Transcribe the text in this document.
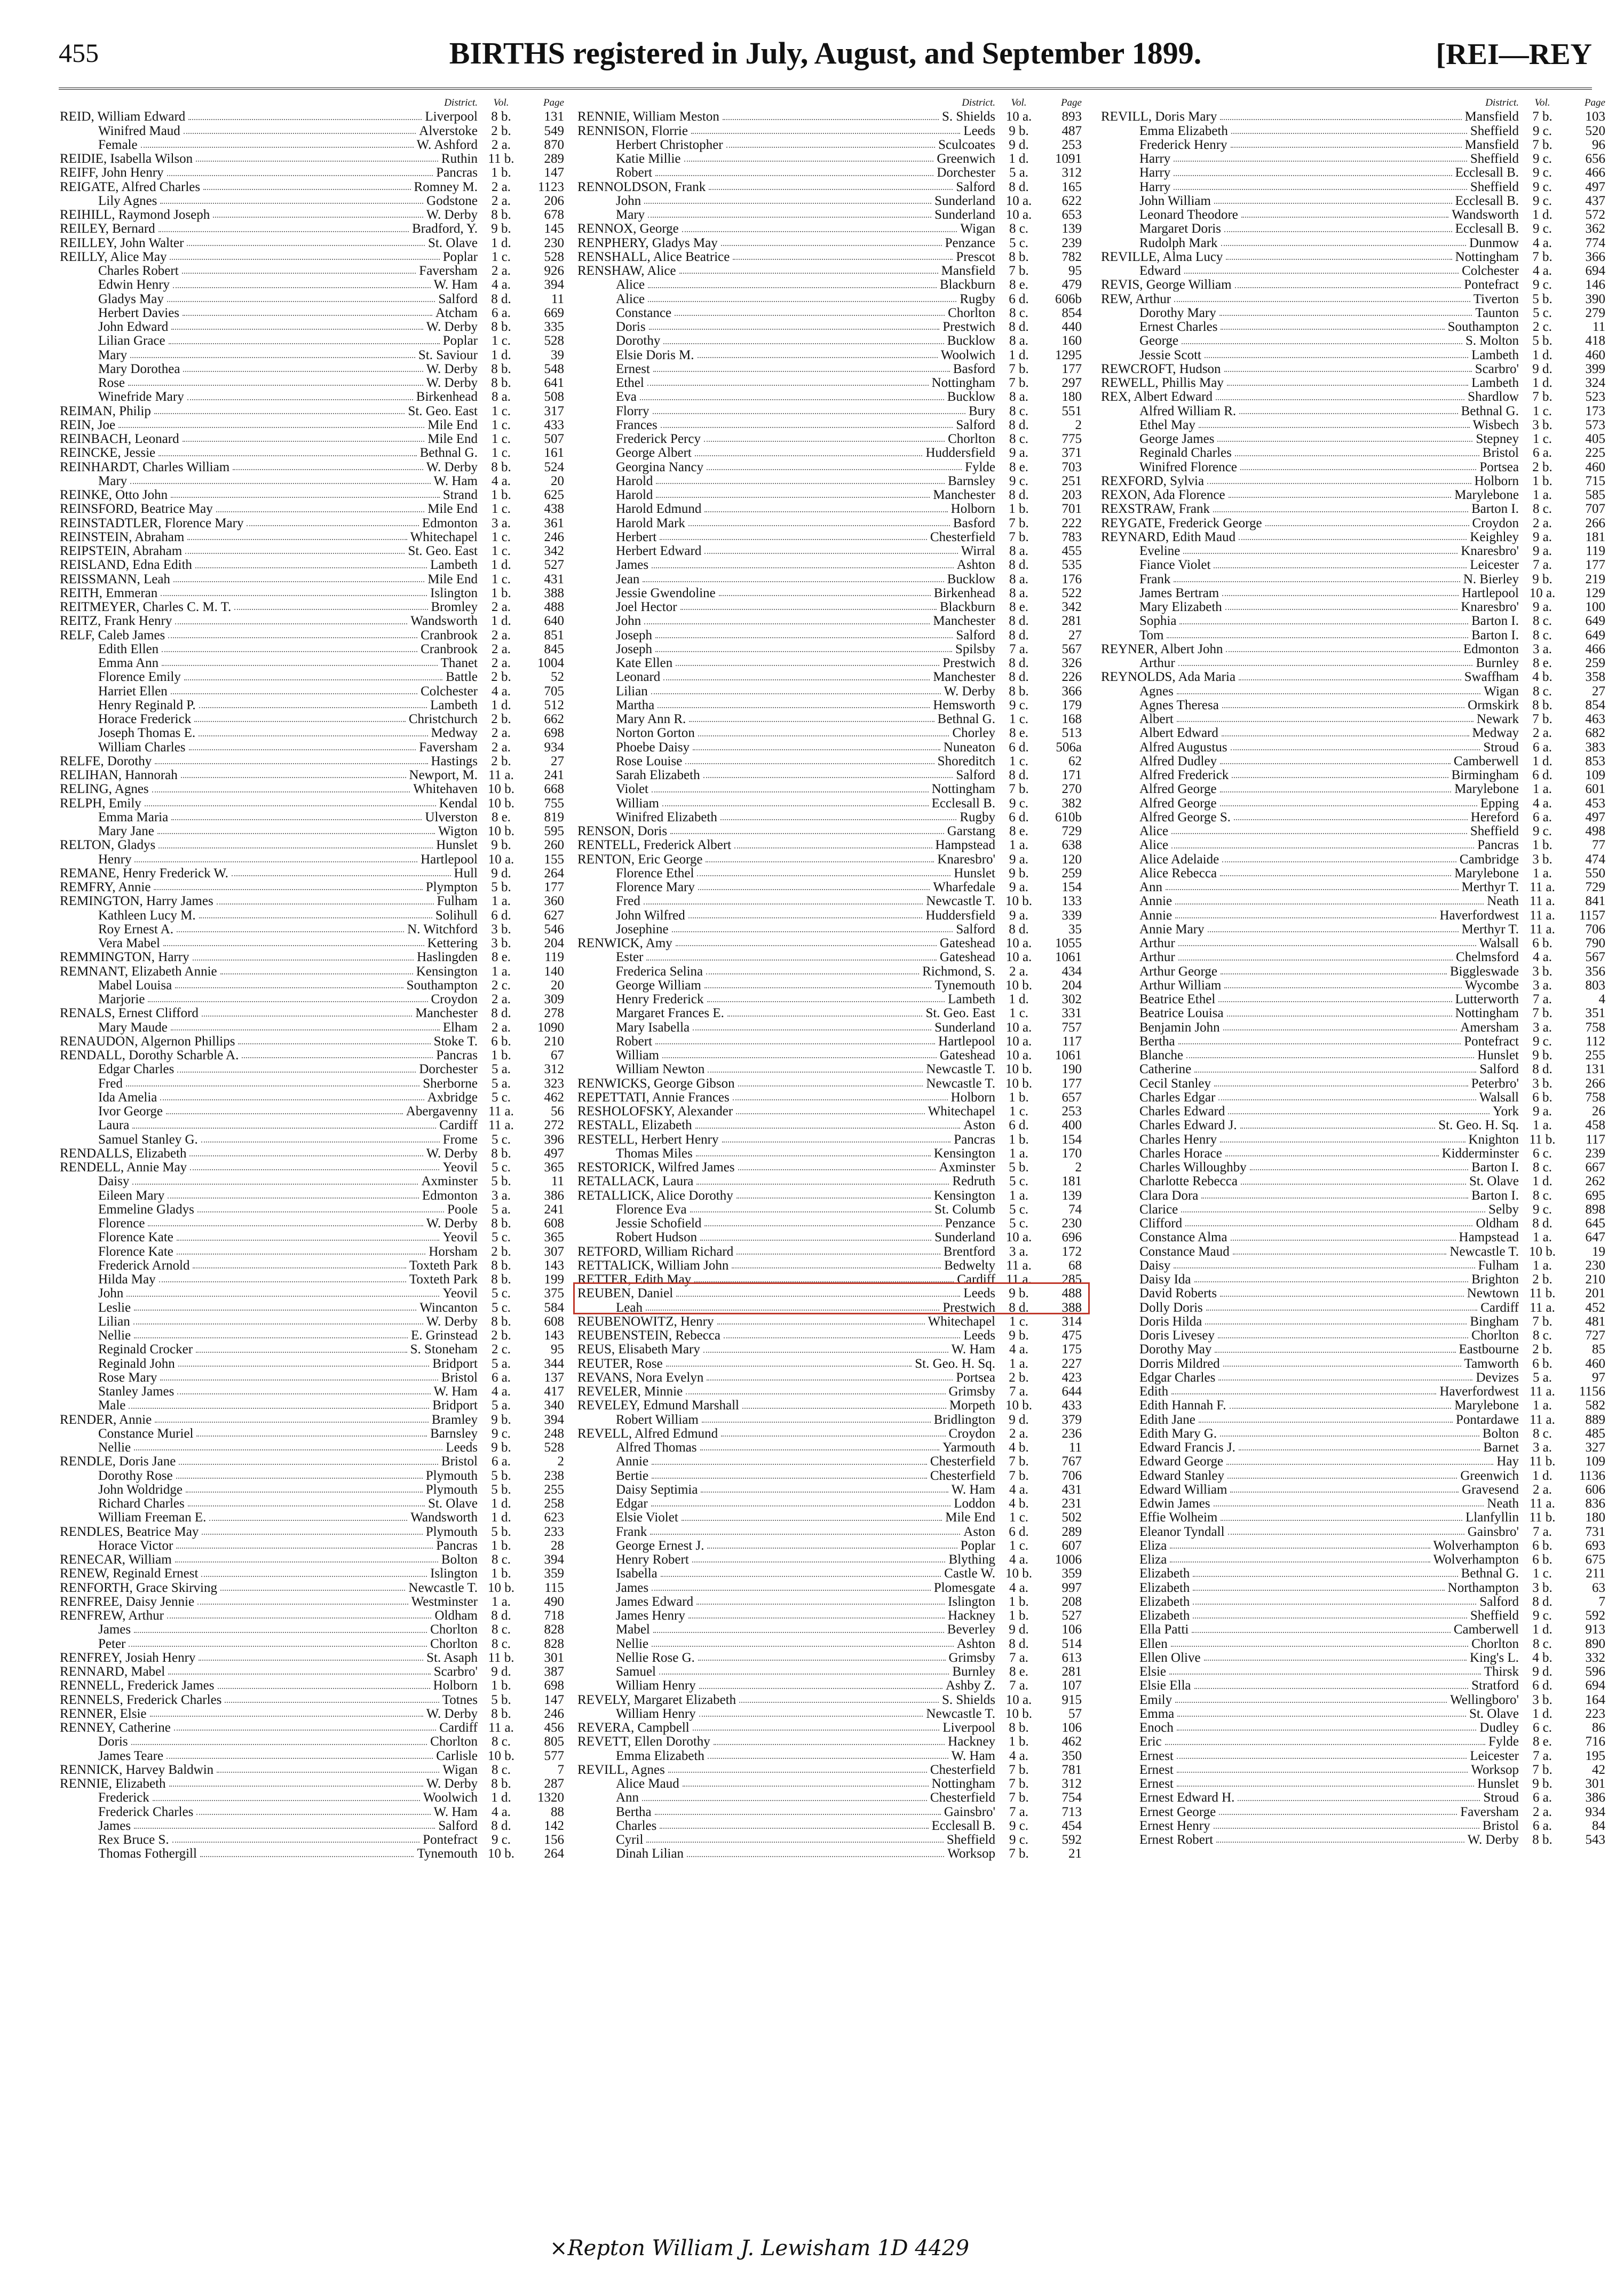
455	BIRTHS registered in July, August, and September 1899.	[REI—REY
District.	Vol.	Page
REID, William Edward	Liverpool	8 b.	131
Winifred Maud	Alverstoke	2 b.	549
Female	W. Ashford	2 a.	870
REIDIE, Isabella Wilson	Ruthin 11 b.	289
REIFF, John Henry	Pancras	1 b.	147
REIGATE, Alfred Charles	Romney M.	2 a.	1123
Lily Agnes	Godstone	2 a.	206
REIHILL, Raymond Joseph	W. Derby	8 b.	678
REILEY, Bernard	Bradford, Y.	9 b.	145
REILLEY, John Walter	St. Olave	1 d.	230
REILLY, Alice May	Poplar	1 c.	528
Charles Robert	Faversham	2 a.	926
Edwin Henry	W. Ham	4 a.	394
Gladys May	Salford	8 d.	11
Herbert Davies	Atcham	6 a.	669
John Edward	W. Derby	8 b.	335
Lilian Grace	Poplar	1 c.	528
Mary	St. Saviour	1 d.	39
Mary Dorothea	W. Derby	8 b.	548
Rose	W. Derby	8 b.	641
Winefride Mary	Birkenhead	8 a.	508
REIMAN, Philip	St. Geo. East	1 c.	317
REIN, Joe	Mile End	1 c.	433
REINBACH, Leonard	Mile End	1 c.	507
REINCKE, Jessie	Bethnal G.	1 c.	161
REINHARDT, Charles William	W. Derby	8 b.	524
Mary	W. Ham	4 a.	20
REINKE, Otto John	Strand	1 b.	625
REINSFORD, Beatrice May	Mile End	1 c.	438
REINSTADTLER, Florence Mary	Edmonton	3 a.	361
REINSTEIN, Abraham	Whitechapel	1 c.	246
REIPSTEIN, Abraham	St. Geo. East	1 c.	342
REISLAND, Edna Edith	Lambeth	1 d.	527
REISSMANN, Leah	Mile End	1 c.	431
REITH, Emmeran	Islington	1 b.	388
REITMEYER, Charles C. M. T.	Bromley	2 a.	488
REITZ, Frank Henry	Wandsworth	1 d.	640
RELF, Caleb James	Cranbrook	2 a.	851
Edith Ellen	Cranbrook	2 a.	845
Emma Ann	Thanet	2 a.	1004
Florence Emily	Battle	2 b.	52
Harriet Ellen	Colchester	4 a.	705
Henry Reginald P.	Lambeth	1 d.	512
Horace Frederick	Christchurch	2 b.	662
Joseph Thomas E.	Medway	2 a.	698
William Charles	Faversham	2 a.	934
RELFE, Dorothy	Hastings	2 b.	27
RELIHAN, Hannorah	Newport, M. 11 a.	241
RELING, Agnes	Whitehaven 10 b.	668
RELPH, Emily	Kendal 10 b.	755
Emma Maria	Ulverston	8 e.	819
Mary Jane	Wigton 10 b.	595
RELTON, Gladys	Hunslet	9 b.	260
Henry	Hartlepool 10 a.	155
REMANE, Henry Frederick W.	Hull	9 d.	264
REMFRY, Annie	Plympton	5 b.	177
REMINGTON, Harry James	Fulham	1 a.	360
Kathleen Lucy M.	Solihull	6 d.	627
Roy Ernest A.	N. Witchford	3 b.	546
Vera Mabel	Kettering	3 b.	204
REMMINGTON, Harry	Haslingden	8 e.	119
REMNANT, Elizabeth Annie	Kensington	1 a.	140
Mabel Louisa	Southampton	2 c.	20
Marjorie	Croydon	2 a.	309
RENALS, Ernest Clifford	Manchester	8 d.	278
Mary Maude	Elham	2 a.	1090
RENAUDON, Algernon Phillips	Stoke T.	6 b.	210
RENDALL, Dorothy Scharble A.	Pancras	1 b.	67
Edgar Charles	Dorchester	5 a.	312
Fred	Sherborne	5 a.	323
Ida Amelia	Axbridge	5 c.	462
Ivor George	Abergavenny 11 a.	56
Laura	Cardiff 11 a.	272
Samuel Stanley G.	Frome	5 c.	396
RENDALLS, Elizabeth	W. Derby	8 b.	497
RENDELL, Annie May	Yeovil	5 c.	365
Daisy	Axminster	5 b.	11
Eileen Mary	Edmonton	3 a.	386
Emmeline Gladys	Poole	5 a.	241
Florence	W. Derby	8 b.	608
Florence Kate	Yeovil	5 c.	365
Florence Kate	Horsham	2 b.	307
Frederick Arnold	Toxteth Park	8 b.	143
Hilda May	Toxteth Park	8 b.	199
John	Yeovil	5 c.	375
Leslie	Wincanton	5 c.	584
Lilian	W. Derby	8 b.	608
Nellie	E. Grinstead	2 b.	143
Reginald Crocker	S. Stoneham	2 c.	95
Reginald John	Bridport	5 a.	344
Rose Mary	Bristol	6 a.	137
Stanley James	W. Ham	4 a.	417
Male	Bridport	5 a.	340
RENDER, Annie	Bramley	9 b.	394
Constance Muriel	Barnsley	9 c.	248
Nellie	Leeds	9 b.	528
RENDLE, Doris Jane	Bristol	6 a.	2
Dorothy Rose	Plymouth	5 b.	238
John Woldridge	Plymouth	5 b.	255
Richard Charles	St. Olave	1 d.	258
William Freeman E.	Wandsworth	1 d.	623
RENDLES, Beatrice May	Plymouth	5 b.	233
Horace Victor	Pancras	1 b.	28
RENECAR, William	Bolton	8 c.	394
RENEW, Reginald Ernest	Islington	1 b.	359
RENFORTH, Grace Skirving	Newcastle T. 10 b.	115
RENFREE, Daisy Jennie	Westminster	1 a.	490
RENFREW, Arthur	Oldham	8 d.	718
James	Chorlton	8 c.	828
Peter	Chorlton	8 c.	828
RENFREY, Josiah Henry	St. Asaph 11 b.	301
RENNARD, Mabel	Scarbro'	9 d.	387
RENNELL, Frederick James	Holborn	1 b.	698
RENNELS, Frederick Charles	Totnes	5 b.	147
RENNER, Elsie	W. Derby	8 b.	246
RENNEY, Catherine	Cardiff 11 a.	456
Doris	Chorlton	8 c.	805
James Teare	Carlisle 10 b.	577
RENNICK, Harvey Baldwin	Wigan	8 c.	7
RENNIE, Elizabeth	W. Derby	8 b.	287
Frederick	Woolwich	1 d.	1320
Frederick Charles	W. Ham	4 a.	88
James	Salford	8 d.	142
Rex Bruce S.	Pontefract	9 c.	156
Thomas Fothergill	Tynemouth 10 b.	264
District.	Vol.	Page
RENNIE, William Meston	S. Shields 10 a.	893
RENNISON, Florrie	Leeds	9 b.	487
Herbert Christopher	Sculcoates	9 d.	253
Katie Millie	Greenwich	1 d.	1091
Robert	Dorchester	5 a.	312
RENNOLDSON, Frank	Salford	8 d.	165
John	Sunderland 10 a.	622
Mary	Sunderland 10 a.	653
RENNOX, George	Wigan	8 c.	139
RENPHERY, Gladys May	Penzance	5 c.	239
RENSHALL, Alice Beatrice	Prescot	8 b.	782
RENSHAW, Alice	Mansfield	7 b.	95
Alice	Blackburn	8 e.	479
Alice	Rugby	6 d.	606b
Constance	Chorlton	8 c.	854
Doris	Prestwich	8 d.	440
Dorothy	Bucklow	8 a.	160
Elsie Doris M.	Woolwich	1 d.	1295
Ernest	Basford	7 b.	177
Ethel	Nottingham	7 b.	297
Eva	Bucklow	8 a.	180
Florry	Bury	8 c.	551
Frances	Salford	8 d.	2
Frederick Percy	Chorlton	8 c.	775
George Albert	Huddersfield	9 a.	371
Georgina Nancy	Fylde	8 e.	703
Harold	Barnsley	9 c.	251
Harold	Manchester	8 d.	203
Harold Edmund	Holborn	1 b.	701
Harold Mark	Basford	7 b.	222
Herbert	Chesterfield	7 b.	783
Herbert Edward	Wirral	8 a.	455
James	Ashton	8 d.	535
Jean	Bucklow	8 a.	176
Jessie Gwendoline	Birkenhead	8 a.	522
Joel Hector	Blackburn	8 e.	342
John	Manchester	8 d.	281
Joseph	Salford	8 d.	27
Joseph	Spilsby	7 a.	567
Kate Ellen	Prestwich	8 d.	326
Leonard	Manchester	8 d.	226
Lilian	W. Derby	8 b.	366
Martha	Hemsworth	9 c.	179
Mary Ann R.	Bethnal G.	1 c.	168
Norton Gorton	Chorley	8 e.	513
Phoebe Daisy	Nuneaton	6 d.	506a
Rose Louise	Shoreditch	1 c.	62
Sarah Elizabeth	Salford	8 d.	171
Violet	Nottingham	7 b.	270
William	Ecclesall B.	9 c.	382
Winifred Elizabeth	Rugby	6 d.	610b
RENSON, Doris	Garstang	8 e.	729
RENTELL, Frederick Albert	Hampstead	1 a.	638
RENTON, Eric George	Knaresbro'	9 a.	120
Florence Ethel	Hunslet	9 b.	259
Florence Mary	Wharfedale	9 a.	154
Fred	Newcastle T. 10 b.	133
John Wilfred	Huddersfield	9 a.	339
Josephine	Salford	8 d.	35
RENWICK, Amy	Gateshead 10 a.	1055
Ester	Gateshead 10 a.	1061
Frederica Selina	Richmond, S.	2 a.	434
George William	Tynemouth 10 b.	204
Henry Frederick	Lambeth	1 d.	302
Margaret Frances E.	St. Geo. East	1 c.	331
Mary Isabella	Sunderland 10 a.	757
Robert	Hartlepool 10 a.	117
William	Gateshead 10 a.	1061
William Newton	Newcastle T. 10 b.	190
RENWICKS, George Gibson	Newcastle T. 10 b.	177
REPETTATI, Annie Frances	Holborn	1 b.	657
RESHOLOFSKY, Alexander	Whitechapel	1 c.	253
RESTALL, Elizabeth	Aston	6 d.	400
RESTELL, Herbert Henry	Pancras	1 b.	154
Thomas Miles	Kensington	1 a.	170
RESTORICK, Wilfred James	Axminster	5 b.	2
RETALLACK, Laura	Redruth	5 c.	181
RETALLICK, Alice Dorothy	Kensington	1 a.	139
Florence Eva	St. Columb	5 c.	74
Jessie Schofield	Penzance	5 c.	230
Robert Hudson	Sunderland 10 a.	696
RETFORD, William Richard	Brentford	3 a.	172
RETTALICK, William John	Bedwelty 11 a.	68
RETTER, Edith May	Cardiff 11 a.	285
REUBEN, Daniel	Leeds	9 b.	488
Leah	Prestwich	8 d.	388
REUBENOWITZ, Henry	Whitechapel	1 c.	314
REUBENSTEIN, Rebecca	Leeds	9 b.	475
REUS, Elisabeth Mary	W. Ham	4 a.	175
REUTER, Rose	St. Geo. H. Sq.	1 a.	227
REVANS, Nora Evelyn	Portsea	2 b.	423
REVELER, Minnie	Grimsby	7 a.	644
REVELEY, Edmund Marshall	Morpeth 10 b.	433
Robert William	Bridlington	9 d.	379
REVELL, Alfred Edmund	Croydon	2 a.	236
Alfred Thomas	Yarmouth	4 b.	11
Annie	Chesterfield	7 b.	767
Bertie	Chesterfield	7 b.	706
Daisy Septimia	W. Ham	4 a.	431
Edgar	Loddon	4 b.	231
Elsie Violet	Mile End	1 c.	502
Frank	Aston	6 d.	289
George Ernest J.	Poplar	1 c.	607
Henry Robert	Blything	4 a.	1006
Isabella	Castle W. 10 b.	359
James	Plomesgate	4 a.	997
James Edward	Islington	1 b.	208
James Henry	Hackney	1 b.	527
Mabel	Beverley	9 d.	106
Nellie	Ashton	8 d.	514
Nellie Rose G.	Grimsby	7 a.	613
Samuel	Burnley	8 e.	281
William Henry	Ashby Z.	7 a.	107
REVELY, Margaret Elizabeth	S. Shields 10 a.	915
William Henry	Newcastle T. 10 b.	57
REVERA, Campbell	Liverpool	8 b.	106
REVETT, Ellen Dorothy	Hackney	1 b.	462
Emma Elizabeth	W. Ham	4 a.	350
REVILL, Agnes	Chesterfield	7 b.	781
Alice Maud	Nottingham	7 b.	312
Ann	Chesterfield	7 b.	754
Bertha	Gainsbro'	7 a.	713
Charles	Ecclesall B.	9 c.	454
Cyril	Sheffield	9 c.	592
Dinah Lilian	Worksop	7 b.	21
District.	Vol.	Page
REVILL, Doris Mary	Mansfield	7 b.	103
Emma Elizabeth	Sheffield	9 c.	520
Frederick Henry	Mansfield	7 b.	96
Harry	Sheffield	9 c.	656
Harry	Ecclesall B.	9 c.	466
Harry	Sheffield	9 c.	497
John William	Ecclesall B.	9 c.	437
Leonard Theodore	Wandsworth	1 d.	572
Margaret Doris	Ecclesall B.	9 c.	362
Rudolph Mark	Dunmow	4 a.	774
REVILLE, Alma Lucy	Nottingham	7 b.	366
Edward	Colchester	4 a.	694
REVIS, George William	Pontefract	9 c.	146
REW, Arthur	Tiverton	5 b.	390
Dorothy Mary	Taunton	5 c.	279
Ernest Charles	Southampton	2 c.	11
George	S. Molton	5 b.	418
Jessie Scott	Lambeth	1 d.	460
REWCROFT, Hudson	Scarbro'	9 d.	399
REWELL, Phillis May	Lambeth	1 d.	324
REX, Albert Edward	Shardlow	7 b.	523
Alfred William R.	Bethnal G.	1 c.	173
Ethel May	Wisbech	3 b.	573
George James	Stepney	1 c.	405
Reginald Charles	Bristol	6 a.	225
Winifred Florence	Portsea	2 b.	460
REXFORD, Sylvia	Holborn	1 b.	715
REXON, Ada Florence	Marylebone	1 a.	585
REXSTRAW, Frank	Barton I.	8 c.	707
REYGATE, Frederick George	Croydon	2 a.	266
REYNARD, Edith Maud	Keighley	9 a.	181
Eveline	Knaresbro'	9 a.	119
Fiance Violet	Leicester	7 a.	177
Frank	N. Bierley	9 b.	219
James Bertram	Hartlepool 10 a.	129
Mary Elizabeth	Knaresbro'	9 a.	100
Sophia	Barton I.	8 c.	649
Tom	Barton I.	8 c.	649
REYNER, Albert John	Edmonton	3 a.	466
Arthur	Burnley	8 e.	259
REYNOLDS, Ada Maria	Swaffham	4 b.	358
Agnes	Wigan	8 c.	27
Agnes Theresa	Ormskirk	8 b.	854
Albert	Newark	7 b.	463
Albert Edward	Medway	2 a.	682
Alfred Augustus	Stroud	6 a.	383
Alfred Dudley	Camberwell	1 d.	853
Alfred Frederick	Birmingham	6 d.	109
Alfred George	Marylebone	1 a.	601
Alfred George	Epping	4 a.	453
Alfred George S.	Hereford	6 a.	497
Alice	Sheffield	9 c.	498
Alice	Pancras	1 b.	77
Alice Adelaide	Cambridge	3 b.	474
Alice Rebecca	Marylebone	1 a.	550
Ann	Merthyr T. 11 a.	729
Annie	Neath 11 a.	841
Annie	Haverfordwest 11 a.	1157
Annie Mary	Merthyr T. 11 a.	706
Arthur	Walsall	6 b.	790
Arthur	Chelmsford	4 a.	567
Arthur George	Biggleswade	3 b.	356
Arthur William	Wycombe	3 a.	803
Beatrice Ethel	Lutterworth	7 a.	4
Beatrice Louisa	Nottingham	7 b.	351
Benjamin John	Amersham	3 a.	758
Bertha	Pontefract	9 c.	112
Blanche	Hunslet	9 b.	255
Catherine	Salford	8 d.	131
Cecil Stanley	Peterbro'	3 b.	266
Charles Edgar	Walsall	6 b.	758
Charles Edward	York	9 a.	26
Charles Edward J.	St. Geo. H. Sq.	1 a.	458
Charles Henry	Knighton 11 b.	117
Charles Horace	Kidderminster	6 c.	239
Charles Willoughby	Barton I.	8 c.	667
Charlotte Rebecca	St. Olave	1 d.	262
Clara Dora	Barton I.	8 c.	695
Clarice	Selby	9 c.	898
Clifford	Oldham	8 d.	645
Constance Alma	Hampstead	1 a.	647
Constance Maud	Newcastle T. 10 b.	19
Daisy	Fulham	1 a.	230
Daisy Ida	Brighton	2 b.	210
David Roberts	Newtown 11 b.	201
Dolly Doris	Cardiff 11 a.	452
Doris Hilda	Bingham	7 b.	481
Doris Livesey	Chorlton	8 c.	727
Dorothy May	Eastbourne	2 b.	85
Dorris Mildred	Tamworth	6 b.	460
Edgar Charles	Devizes	5 a.	97
Edith	Haverfordwest 11 a.	1156
Edith Hannah F.	Marylebone	1 a.	582
Edith Jane	Pontardawe 11 a.	889
Edith Mary G.	Bolton	8 c.	485
Edward Francis J.	Barnet	3 a.	327
Edward George	Hay 11 b.	109
Edward Stanley	Greenwich	1 d.	1136
Edward William	Gravesend	2 a.	606
Edwin James	Neath 11 a.	836
Effie Wolheim	Llanfyllin 11 b.	180
Eleanor Tyndall	Gainsbro'	7 a.	731
Eliza	Wolverhampton	6 b.	693
Eliza	Wolverhampton	6 b.	675
Elizabeth	Bethnal G.	1 c.	211
Elizabeth	Northampton	3 b.	63
Elizabeth	Salford	8 d.	7
Elizabeth	Sheffield	9 c.	592
Ella Patti	Camberwell	1 d.	913
Ellen	Chorlton	8 c.	890
Ellen Olive	King's L.	4 b.	332
Elsie	Thirsk	9 d.	596
Elsie Ella	Stratford	6 d.	694
Emily	Wellingboro'	3 b.	164
Emma	St. Olave	1 d.	223
Enoch	Dudley	6 c.	86
Eric	Fylde	8 e.	716
Ernest	Leicester	7 a.	195
Ernest	Worksop	7 b.	42
Ernest	Hunslet	9 b.	301
Ernest Edward H.	Stroud	6 a.	386
Ernest George	Faversham	2 a.	934
Ernest Henry	Bristol	6 a.	84
Ernest Robert	W. Derby	8 b.	543
×Repton William J. Lewisham 1D 4429
